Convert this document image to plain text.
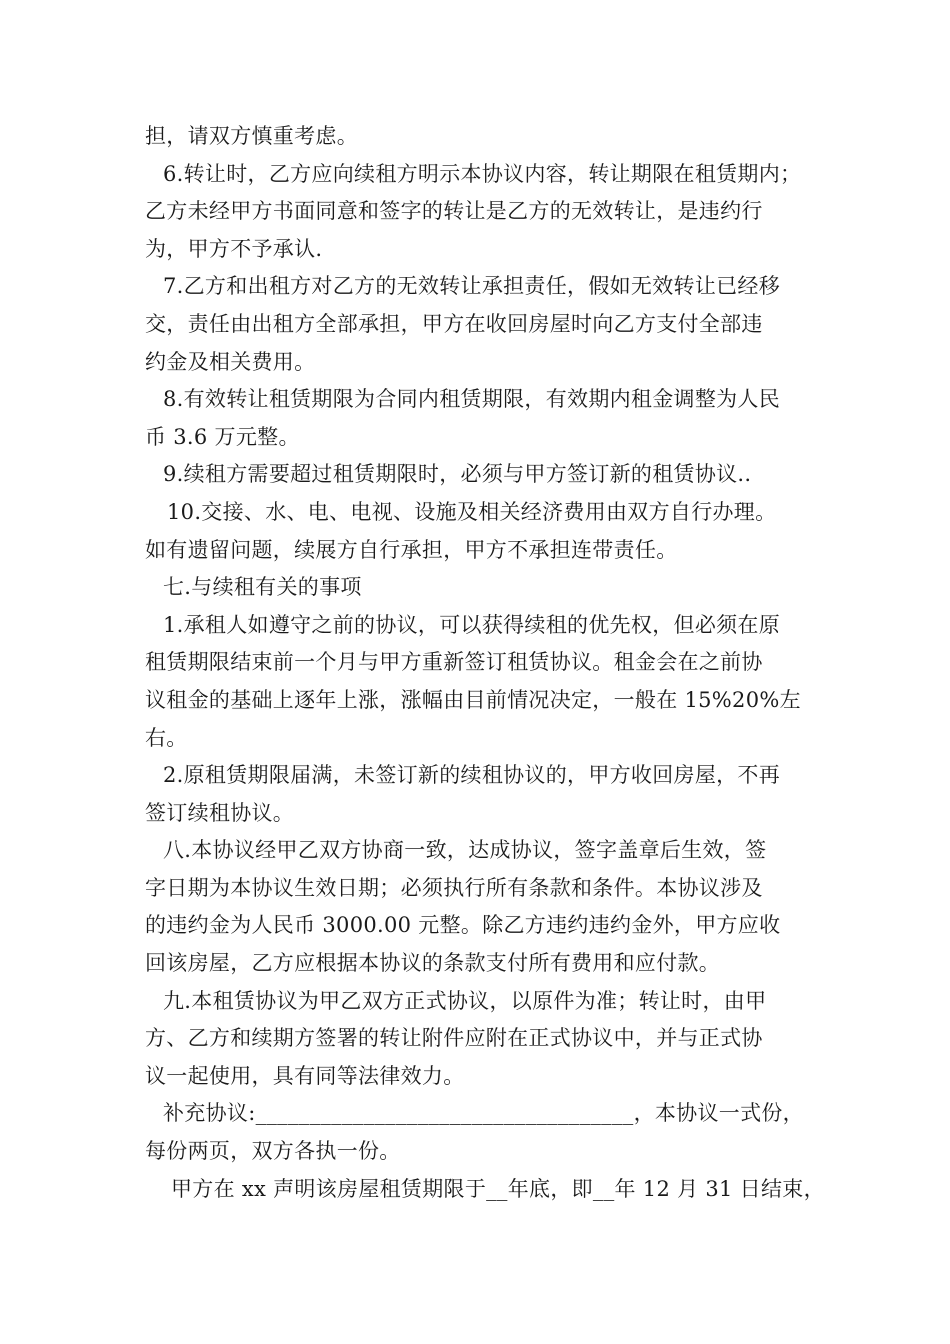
担，请双方慎重考虑。
6.转让时，乙方应向续租方明示本协议内容，转让期限在租赁期内；
乙方未经甲方书面同意和签字的转让是乙方的无效转让，是违约行
为，甲方不予承认.
7.乙方和出租方对乙方的无效转让承担责任，假如无效转让已经移
交，责任由出租方全部承担，甲方在收回房屋时向乙方支付全部违
约金及相关费用。
8.有效转让租赁期限为合同内租赁期限，有效期内租金调整为人民
币 3.6 万元整。
9.续租方需要超过租赁期限时，必须与甲方签订新的租赁协议..
10.交接、水、电、电视、设施及相关经济费用由双方自行办理。
如有遗留问题，续展方自行承担，甲方不承担连带责任。
七.与续租有关的事项
1.承租人如遵守之前的协议，可以获得续租的优先权，但必须在原
租赁期限结束前一个月与甲方重新签订租赁协议。租金会在之前协
议租金的基础上逐年上涨，涨幅由目前情况决定，一般在 15%20%左
右。
2.原租赁期限届满，未签订新的续租协议的，甲方收回房屋，不再
签订续租协议。
八.本协议经甲乙双方协商一致，达成协议，签字盖章后生效，签
字日期为本协议生效日期；必须执行所有条款和条件。本协议涉及
的违约金为人民币 3000.00 元整。除乙方违约违约金外，甲方应收
回该房屋，乙方应根据本协议的条款支付所有费用和应付款。
九.本租赁协议为甲乙双方正式协议，以原件为准；转让时，由甲
方、乙方和续期方签署的转让附件应附在正式协议中，并与正式协
议一起使用，具有同等法律效力。
补充协议:___________________________________，本协议一式份，
每份两页，双方各执一份。
甲方在 xx 声明该房屋租赁期限于__年底，即__年 12 月 31 日结束，
